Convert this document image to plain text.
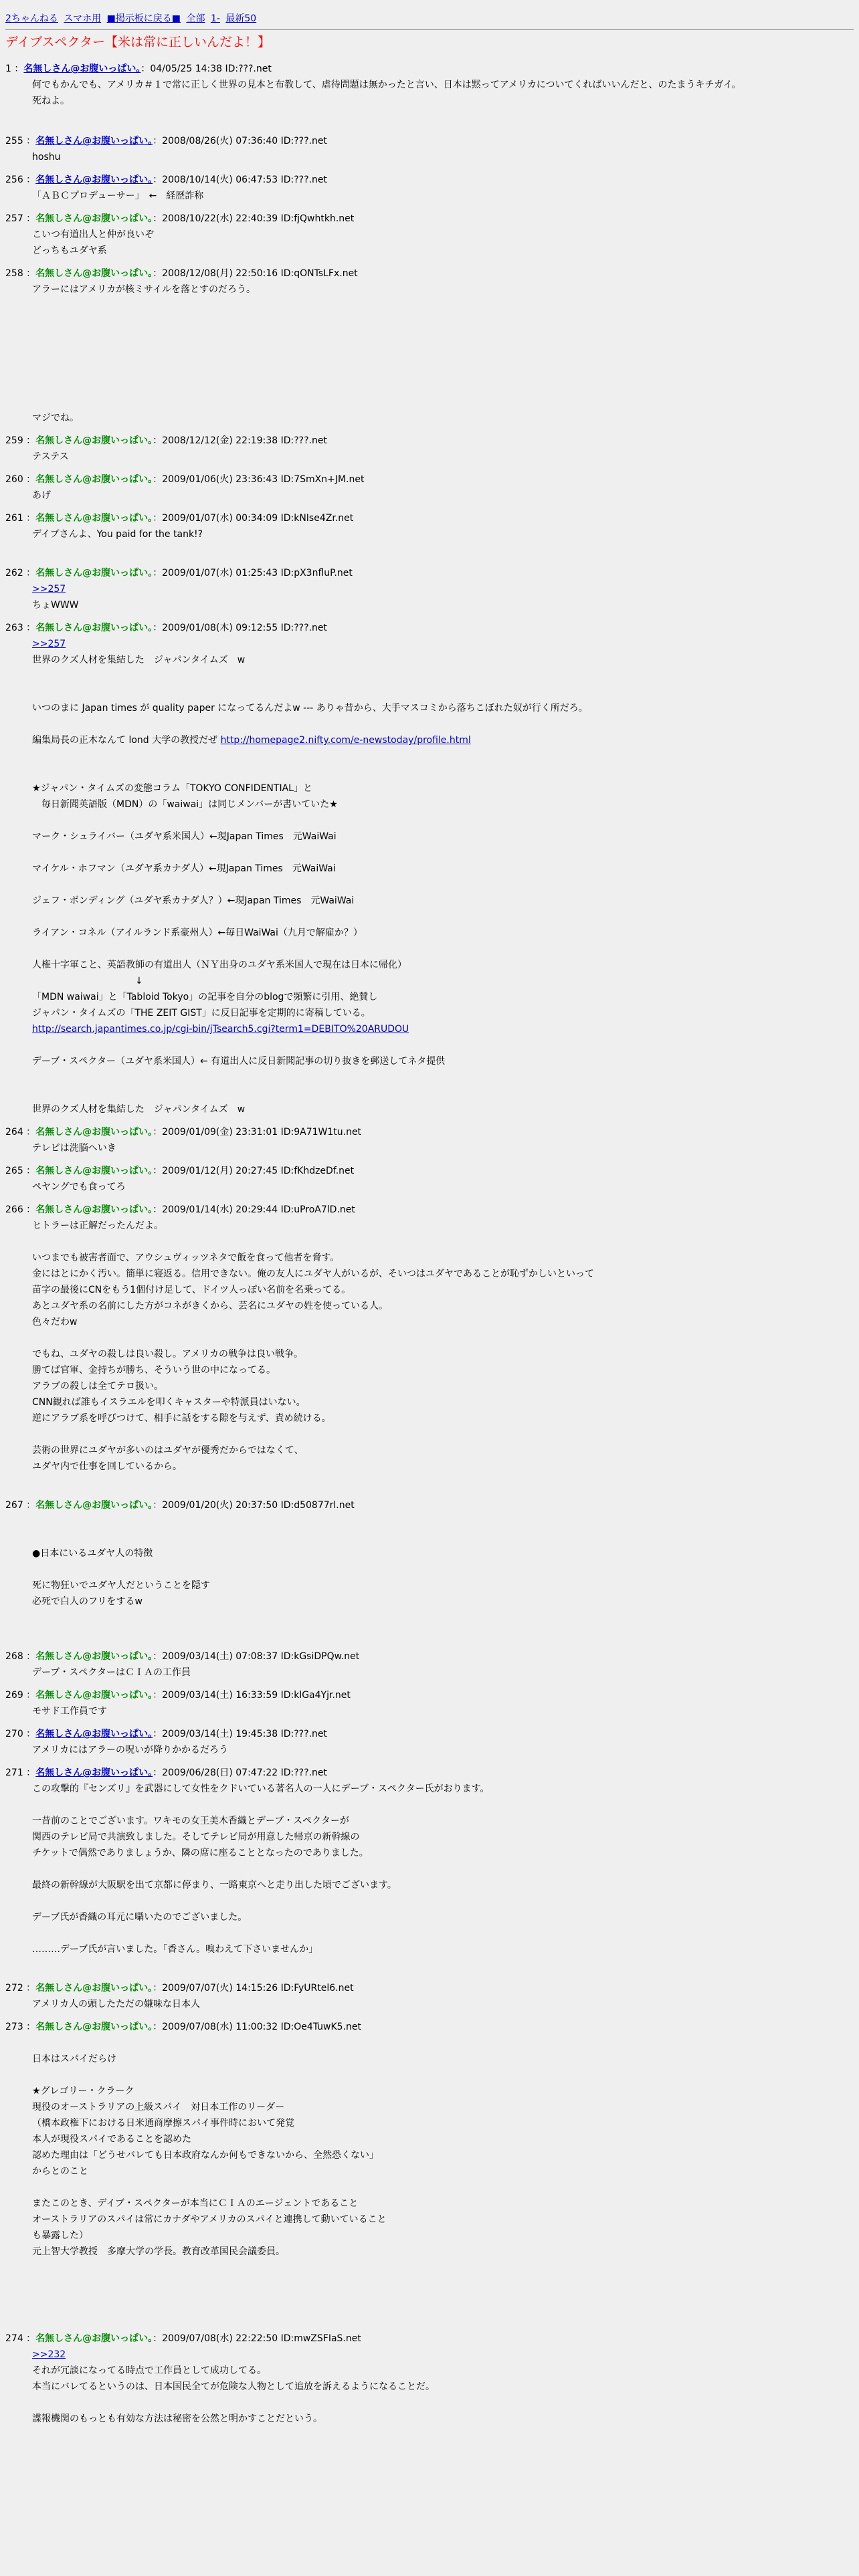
2ちゃんねる スマホ用 ■掲示板に戻る■ 全部 1- 最新50
デイブスペクター【米は常に正しいんだよ！】
1 ：名無しさん@お腹いっぱい。：04/05/25 14:38 ID:???.net
何でもかんでも、アメリカ＃１で常に正しく世界の見本と布教して、虐待問題は無かったと言い、日本は黙ってアメリカについてくればいいんだと、のたまうキチガイ。
死ねよ。
255 ：名無しさん@お腹いっぱい。：2008/08/26(火) 07:36:40 ID:???.net
hoshu
256 ：名無しさん@お腹いっぱい。：2008/10/14(火) 06:47:53 ID:???.net
「ＡＢＣプロデューサー」　←　経歴詐称
257 ：名無しさん@お腹いっぱい。：2008/10/22(水) 22:40:39 ID:fjQwhtkh.net
こいつ有道出人と仲が良いぞ
どっちもユダヤ系
258 ：名無しさん@お腹いっぱい。：2008/12/08(月) 22:50:16 ID:qONTsLFx.net
アラーにはアメリカが核ミサイルを落とすのだろう。

マジでね。
259 ：名無しさん@お腹いっぱい。：2008/12/12(金) 22:19:38 ID:???.net
テステス
260 ：名無しさん@お腹いっぱい。：2009/01/06(火) 23:36:43 ID:7SmXn+JM.net
あげ
261 ：名無しさん@お腹いっぱい。：2009/01/07(水) 00:34:09 ID:kNIse4Zr.net
デイブさんよ、You paid for the tank!?

262 ：名無しさん@お腹いっぱい。：2009/01/07(水) 01:25:43 ID:pX3nfluP.net
>>257
ちょWWW
263 ：名無しさん@お腹いっぱい。：2009/01/08(木) 09:12:55 ID:???.net
>>257
世界のクズ人材を集結した　ジャパンタイムズ　w

いつのまに Japan times が quality paper になってるんだよw --- ありゃ昔から、大手マスコミから落ちこぼれた奴が行く所だろ。

編集局長の正木なんて lond 大学の教授だぜ http://homepage2.nifty.com/e-newstoday/profile.html

★ジャパン・タイムズの変態コラム「TOKYO CONFIDENTIAL」と
　毎日新聞英語版（MDN）の「waiwai」は同じメンバーが書いていた★

マーク・シュライバー（ユダヤ系米国人）←現Japan Times　元WaiWai

マイケル・ホフマン（ユダヤ系カナダ人）←現Japan Times　元WaiWai

ジェフ・ボンディング（ユダヤ系カナダ人？）←現Japan Times　元WaiWai

ライアン・コネル（アイルランド系豪州人）←毎日WaiWai（九月で解雇か？）

人権十字軍こと、英語教師の有道出人（ＮＹ出身のユダヤ系米国人で現在は日本に帰化）
　　　　　　　　　　　↓
「MDN waiwai」と「Tabloid Tokyo」の記事を自分のblogで頻繁に引用、絶賛し
ジャパン・タイムズの「THE ZEIT GIST」に反日記事を定期的に寄稿している。
http://search.japantimes.co.jp/cgi-bin/jTsearch5.cgi?term1=DEBITO%20ARUDOU

デーブ・スペクター（ユダヤ系米国人）← 有道出人に反日新聞記事の切り抜きを郵送してネタ提供

世界のクズ人材を集結した　ジャパンタイムズ　w
264 ：名無しさん@お腹いっぱい。：2009/01/09(金) 23:31:01 ID:9A71W1tu.net
テレビは洗脳へいき
265 ：名無しさん@お腹いっぱい。：2009/01/12(月) 20:27:45 ID:fKhdzeDf.net
ペヤングでも食ってろ
266 ：名無しさん@お腹いっぱい。：2009/01/14(水) 20:29:44 ID:uProA7lD.net
ヒトラーは正解だったんだよ。

いつまでも被害者面で、アウシュヴィッツネタで飯を食って他者を脅す。
金にはとにかく汚い。簡単に寝返る。信用できない。俺の友人にユダヤ人がいるが、そいつはユダヤであることが恥ずかしいといって
苗字の最後にCNをもう1個付け足して、ドイツ人っぽい名前を名乗ってる。
あとユダヤ系の名前にした方がコネがきくから、芸名にユダヤの姓を使っている人。
色々だわw

でもね、ユダヤの殺しは良い殺し。アメリカの戦争は良い戦争。
勝てば官軍、金持ちが勝ち、そういう世の中になってる。
アラブの殺しは全てテロ扱い。
CNN観れば誰もイスラエルを叩くキャスターや特派員はいない。
逆にアラブ系を呼びつけて、相手に話をする隙を与えず、責め続ける。

芸術の世界にユダヤが多いのはユダヤが優秀だからではなくて、
ユダヤ内で仕事を回しているから。

267 ：名無しさん@お腹いっぱい。：2009/01/20(火) 20:37:50 ID:d50877rl.net

●日本にいるユダヤ人の特徴

死に物狂いでユダヤ人だということを隠す
必死で白人のフリをするw

268 ：名無しさん@お腹いっぱい。：2009/03/14(土) 07:08:37 ID:kGsiDPQw.net
デーブ・スペクターはＣＩＡの工作員
269 ：名無しさん@お腹いっぱい。：2009/03/14(土) 16:33:59 ID:klGa4Yjr.net
モサド工作員です
270 ：名無しさん@お腹いっぱい。：2009/03/14(土) 19:45:38 ID:???.net
アメリカにはアラーの呪いが降りかかるだろう
271 ：名無しさん@お腹いっぱい。：2009/06/28(日) 07:47:22 ID:???.net
この攻撃的『センズリ』を武器にして女性をクドいている著名人の一人にデーブ・スペクター氏がおります。

一昔前のことでございます。ワキモの女王美木香織とデーブ・スペクターが
関西のテレビ局で共演致しました。そしてテレビ局が用意した帰京の新幹線の
チケットで偶然でありましょうか、隣の席に座ることとなったのでありました。

最終の新幹線が大阪駅を出て京都に停まり、一路東京へと走り出した頃でございます。

デーブ氏が香織の耳元に囁いたのでございました。

………デーブ氏が言いました。「香さん。嗅わえて下さいませんか」

272 ：名無しさん@お腹いっぱい。：2009/07/07(火) 14:15:26 ID:FyURtel6.net
アメリカ人の頭したただの嫌味な日本人
273 ：名無しさん@お腹いっぱい。：2009/07/08(水) 11:00:32 ID:Oe4TuwK5.net

日本はスパイだらけ

★グレゴリー・クラーク
現役のオーストラリアの上級スパイ　対日本工作のリーダー
（橋本政権下における日米通商摩擦スパイ事件時において発覚
本人が現役スパイであることを認めた
認めた理由は「どうせバレても日本政府なんか何もできないから、全然恐くない」
からとのこと

またこのとき、デイブ・スペクターが本当にＣＩＡのエージェントであること
オーストラリアのスパイは常にカナダやアメリカのスパイと連携して動いていること
も暴露した）
元上智大学教授　多摩大学の学長。教育改革国民会議委員。

274 ：名無しさん@お腹いっぱい。：2009/07/08(水) 22:22:50 ID:mwZSFIaS.net
>>232
それが冗談になってる時点で工作員として成功してる。
本当にバレてるというのは、日本国民全てが危険な人物として追放を訴えるようになることだ。

諜報機関のもっとも有効な方法は秘密を公然と明かすことだという。
